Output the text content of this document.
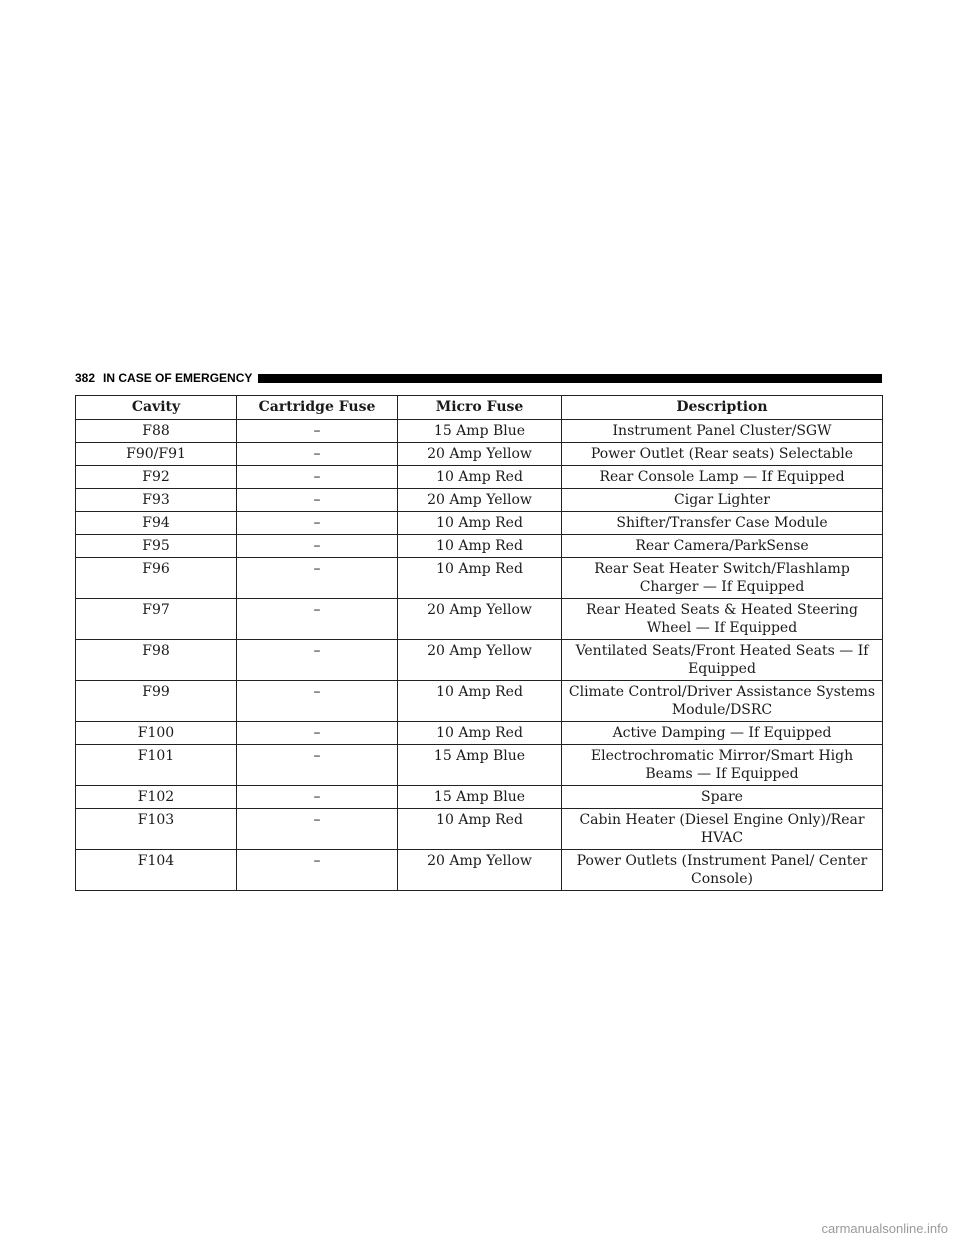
382 IN CASE OF EMERGENCY
Cavity	Cartridge Fuse	Micro Fuse	Description
F88	–	15 Amp Blue	Instrument Panel Cluster/SGW
F90/F91	–	20 Amp Yellow	Power Outlet (Rear seats) Selectable
F92	–	10 Amp Red	Rear Console Lamp — If Equipped
F93	–	20 Amp Yellow	Cigar Lighter
F94	–	10 Amp Red	Shifter/Transfer Case Module
F95	–	10 Amp Red	Rear Camera/ParkSense
F96	–	10 Amp Red	Rear Seat Heater Switch/Flashlamp Charger — If Equipped
F97	–	20 Amp Yellow	Rear Heated Seats & Heated Steering Wheel — If Equipped
F98	–	20 Amp Yellow	Ventilated Seats/Front Heated Seats — If Equipped
F99	–	10 Amp Red	Climate Control/Driver Assistance Systems Module/DSRC
F100	–	10 Amp Red	Active Damping — If Equipped
F101	–	15 Amp Blue	Electrochromatic Mirror/Smart High Beams — If Equipped
F102	–	15 Amp Blue	Spare
F103	–	10 Amp Red	Cabin Heater (Diesel Engine Only)/Rear HVAC
F104	–	20 Amp Yellow	Power Outlets (Instrument Panel/ Center Console)
carmanualsonline.info
